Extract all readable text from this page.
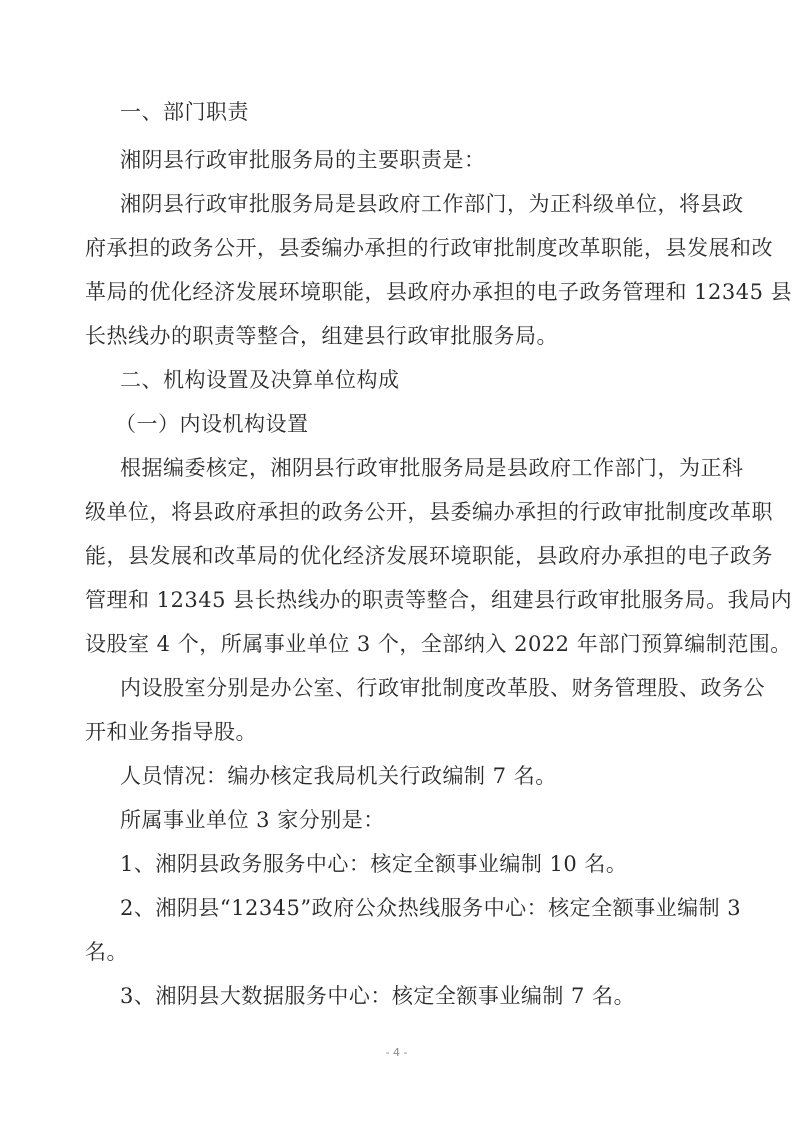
一、部门职责
湘阴县行政审批服务局的主要职责是：
湘阴县行政审批服务局是县政府工作部门，为正科级单位，将县政
府承担的政务公开，县委编办承担的行政审批制度改革职能，县发展和改
革局的优化经济发展环境职能，县政府办承担的电子政务管理和 12345 县
长热线办的职责等整合，组建县行政审批服务局。
二、机构设置及决算单位构成
（一）内设机构设置
根据编委核定，湘阴县行政审批服务局是县政府工作部门，为正科
级单位，将县政府承担的政务公开，县委编办承担的行政审批制度改革职
能，县发展和改革局的优化经济发展环境职能，县政府办承担的电子政务
管理和 12345 县长热线办的职责等整合，组建县行政审批服务局。我局内
设股室 4 个，所属事业单位 3 个，全部纳入 2022 年部门预算编制范围。
内设股室分别是办公室、行政审批制度改革股、财务管理股、政务公
开和业务指导股。
人员情况：编办核定我局机关行政编制 7 名。
所属事业单位 3 家分别是：
1、湘阴县政务服务中心：核定全额事业编制 10 名。
2、湘阴县“12345”政府公众热线服务中心：核定全额事业编制 3
名。
3、湘阴县大数据服务中心：核定全额事业编制 7 名。
- 4 -
